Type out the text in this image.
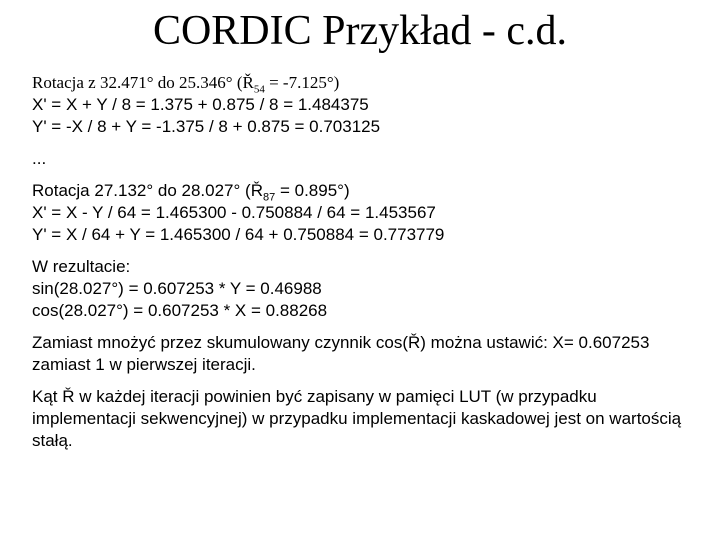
CORDIC Przykład - c.d.
Rotacja z 32.471° do 25.346° $(Ř_{54} = -7.125^\circ)$
X' = X + Y / 8 = 1.375 + 0.875 / 8 = 1.484375
Y' = -X / 8 + Y = -1.375 / 8 + 0.875 = 0.703125
...
Rotacja 27.132° do 28.027° $(Ř_{87} = 0.895^\circ)$
X' = X - Y / 64 = 1.465300 - 0.750884 / 64 = 1.453567
Y' = X / 64 + Y = 1.465300 / 64 + 0.750884 = 0.773779
W rezultacie:
sin(28.027°) = 0.607253 * Y = 0.46988
cos(28.027°) = 0.607253 * X = 0.88268
Zamiast mnożyć przez skumulowany czynnik cos(Ř) można ustawić: X= 0.607253 zamiast 1 w pierwszej iteracji.
Kąt Ř w każdej iteracji powinien być zapisany w pamięci LUT (w przypadku implementacji sekwencyjnej) w przypadku implementacji kaskadowej jest on wartością stałą.
